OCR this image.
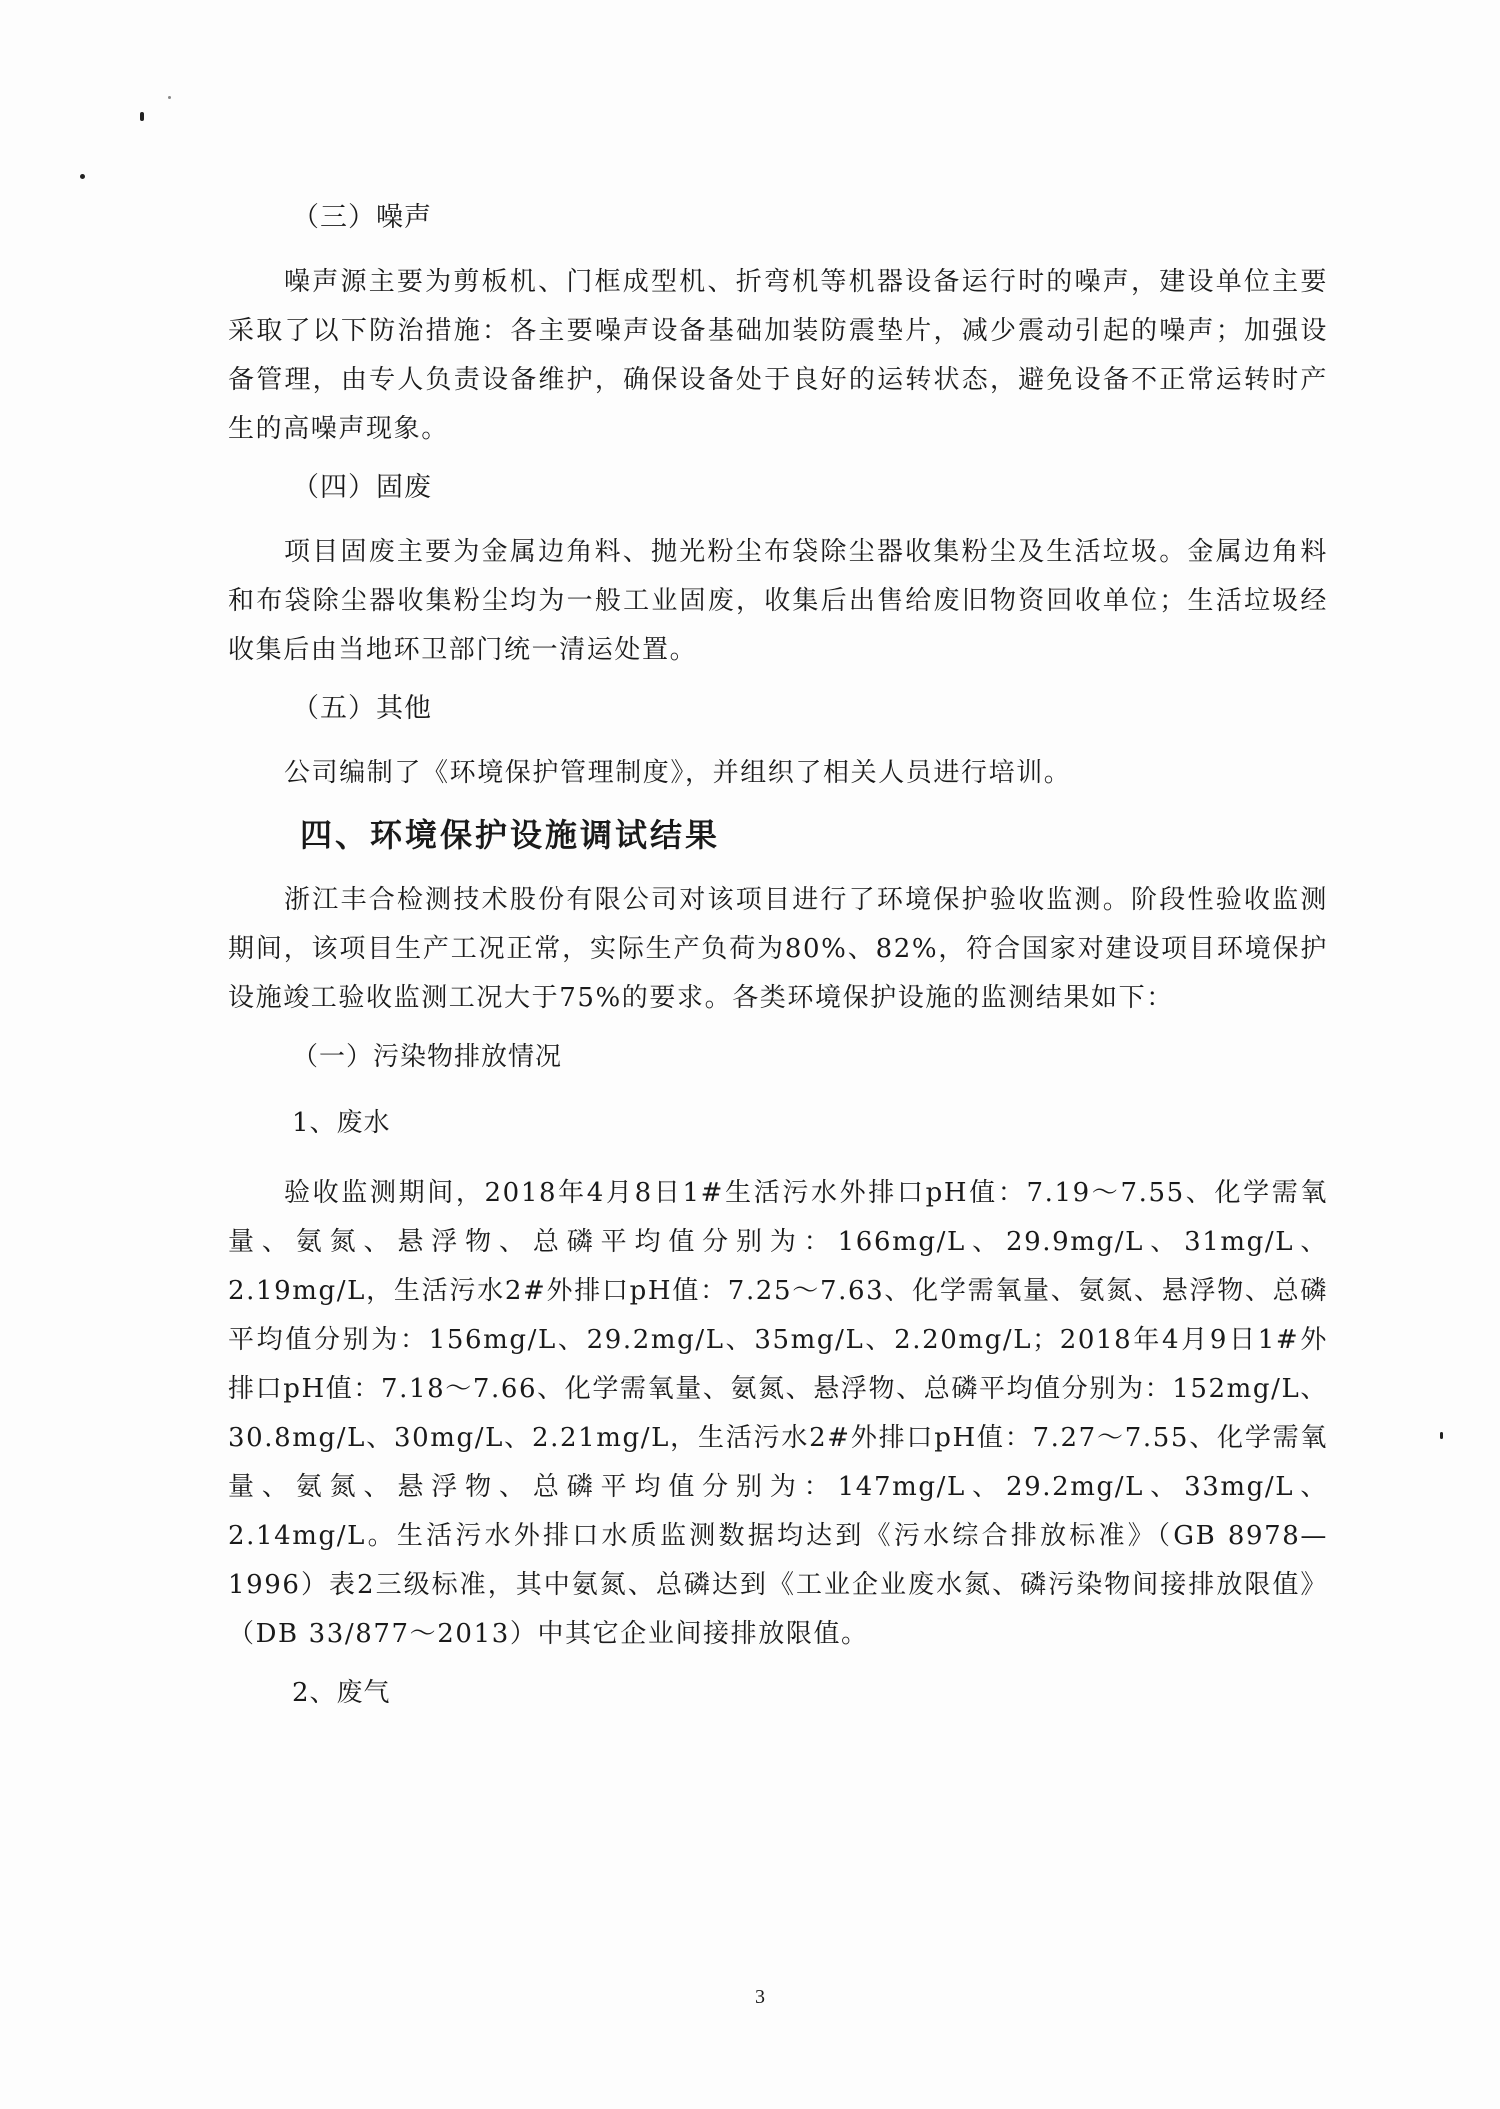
（三）噪声

噪声源主要为剪板机、门框成型机、折弯机等机器设备运行时的噪声，建设单位主要采取了以下防治措施：各主要噪声设备基础加装防震垫片，减少震动引起的噪声；加强设备管理，由专人负责设备维护，确保设备处于良好的运转状态，避免设备不正常运转时产生的高噪声现象。

（四）固废

项目固废主要为金属边角料、抛光粉尘布袋除尘器收集粉尘及生活垃圾。金属边角料和布袋除尘器收集粉尘均为一般工业固废，收集后出售给废旧物资回收单位；生活垃圾经收集后由当地环卫部门统一清运处置。

（五）其他

公司编制了《环境保护管理制度》，并组织了相关人员进行培训。

四、环境保护设施调试结果

浙江丰合检测技术股份有限公司对该项目进行了环境保护验收监测。阶段性验收监测期间，该项目生产工况正常，实际生产负荷为80%、82%，符合国家对建设项目环境保护设施竣工验收监测工况大于75%的要求。各类环境保护设施的监测结果如下：

（一）污染物排放情况
1、废水

验收监测期间，2018年4月8日1#生活污水外排口pH值：7.19～7.55、化学需氧量、氨氮、悬浮物、总磷平均值分别为：166mg/L、29.9mg/L、31mg/L、2.19mg/L，生活污水2#外排口pH值：7.25～7.63、化学需氧量、氨氮、悬浮物、总磷平均值分别为：156mg/L、29.2mg/L、35mg/L、2.20mg/L；2018年4月9日1#外排口pH值：7.18～7.66、化学需氧量、氨氮、悬浮物、总磷平均值分别为：152mg/L、30.8mg/L、30mg/L、2.21mg/L，生活污水2#外排口pH值：7.27～7.55、化学需氧量、氨氮、悬浮物、总磷平均值分别为：147mg/L、29.2mg/L、33mg/L、2.14mg/L。生活污水外排口水质监测数据均达到《污水综合排放标准》（GB 8978—1996）表2三级标准，其中氨氮、总磷达到《工业企业废水氮、磷污染物间接排放限值》（DB 33/877～2013）中其它企业间接排放限值。

2、废气
3
